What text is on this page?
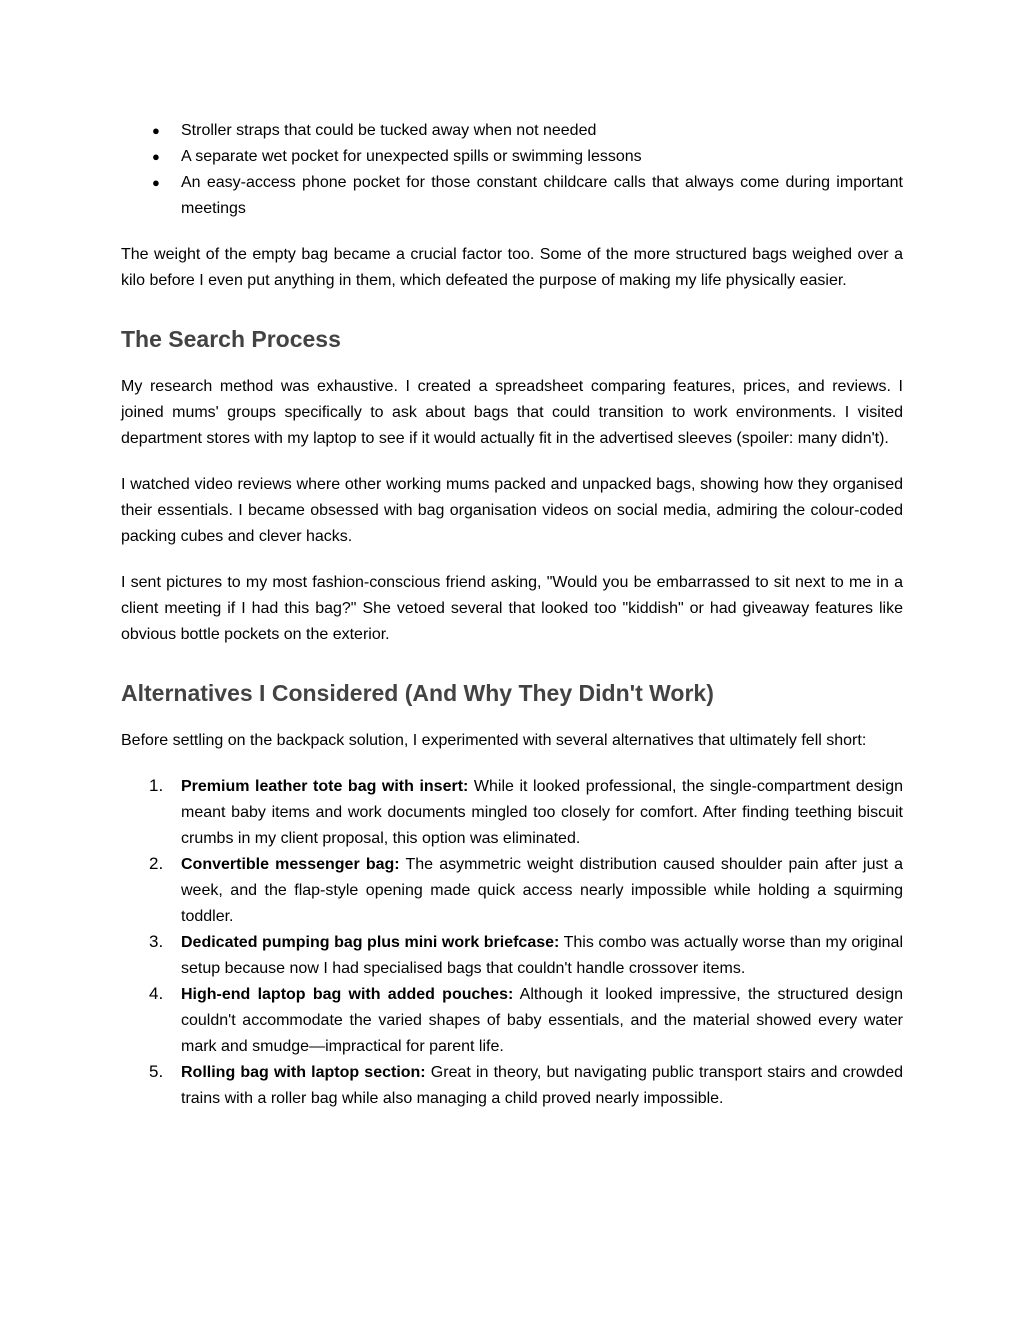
● Stroller straps that could be tucked away when not needed
● A separate wet pocket for unexpected spills or swimming lessons
● An easy-access phone pocket for those constant childcare calls that always come during important meetings

The weight of the empty bag became a crucial factor too. Some of the more structured bags weighed over a kilo before I even put anything in them, which defeated the purpose of making my life physically easier.

The Search Process

My research method was exhaustive. I created a spreadsheet comparing features, prices, and reviews. I joined mums' groups specifically to ask about bags that could transition to work environments. I visited department stores with my laptop to see if it would actually fit in the advertised sleeves (spoiler: many didn't).

I watched video reviews where other working mums packed and unpacked bags, showing how they organised their essentials. I became obsessed with bag organisation videos on social media, admiring the colour-coded packing cubes and clever hacks.

I sent pictures to my most fashion-conscious friend asking, "Would you be embarrassed to sit next to me in a client meeting if I had this bag?" She vetoed several that looked too "kiddish" or had giveaway features like obvious bottle pockets on the exterior.

Alternatives I Considered (And Why They Didn't Work)

Before settling on the backpack solution, I experimented with several alternatives that ultimately fell short:

1. Premium leather tote bag with insert: While it looked professional, the single-compartment design meant baby items and work documents mingled too closely for comfort. After finding teething biscuit crumbs in my client proposal, this option was eliminated.
2. Convertible messenger bag: The asymmetric weight distribution caused shoulder pain after just a week, and the flap-style opening made quick access nearly impossible while holding a squirming toddler.
3. Dedicated pumping bag plus mini work briefcase: This combo was actually worse than my original setup because now I had specialised bags that couldn't handle crossover items.
4. High-end laptop bag with added pouches: Although it looked impressive, the structured design couldn't accommodate the varied shapes of baby essentials, and the material showed every water mark and smudge—impractical for parent life.
5. Rolling bag with laptop section: Great in theory, but navigating public transport stairs and crowded trains with a roller bag while also managing a child proved nearly impossible.
